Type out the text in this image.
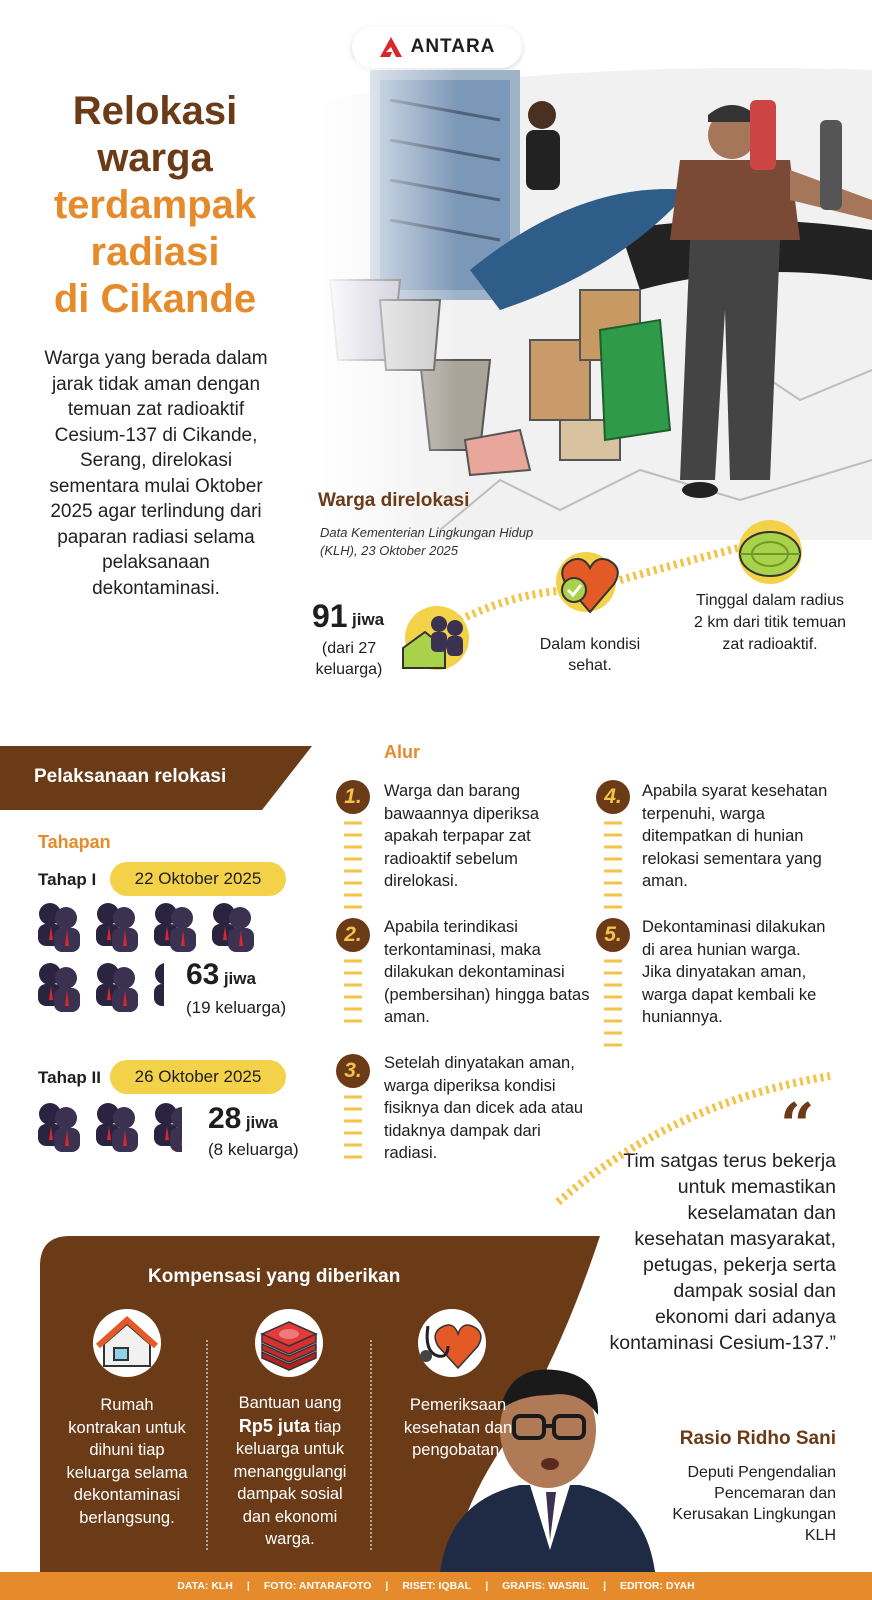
ANTARA
Relokasi
warga
terdampak
radiasi
di Cikande
Warga yang berada dalam jarak tidak aman dengan temuan zat radioaktif Cesium-137 di Cikande, Serang, direlokasi sementara mulai Oktober 2025 agar terlindung dari paparan radiasi selama pelaksanaan dekontaminasi.
Warga direlokasi
Data Kementerian Lingkungan Hidup (KLH), 23 Oktober 2025
91 jiwa
(dari 27 keluarga)
Dalam kondisi sehat.
Tinggal dalam radius 2 km dari titik temuan zat radioaktif.
Pelaksanaan relokasi
Tahapan
Tahap I	22 Oktober 2025
63 jiwa
(19 keluarga)
Tahap II	26 Oktober 2025
28 jiwa
(8 keluarga)
Alur
1.	Warga dan barang bawaannya diperiksa apakah terpapar zat radioaktif sebelum direlokasi.
2.	Apabila terindikasi terkontaminasi, maka dilakukan dekontaminasi (pembersihan) hingga batas aman.
3.	Setelah dinyatakan aman, warga diperiksa kondisi fisiknya dan dicek ada atau tidaknya dampak dari radiasi.
4.	Apabila syarat kesehatan terpenuhi, warga ditempatkan di hunian relokasi sementara yang aman.
5.	Dekontaminasi dilakukan di area hunian warga. Jika dinyatakan aman, warga dapat kembali ke huniannya.
“
Tim satgas terus bekerja untuk memastikan keselamatan dan kesehatan masyarakat, petugas, pekerja serta dampak sosial dan ekonomi dari adanya kontaminasi Cesium-137.”
Kompensasi yang diberikan
Rasio Ridho Sani
Deputi Pengendalian Pencemaran dan Kerusakan Lingkungan KLH
Rumah kontrakan untuk dihuni tiap keluarga selama dekontaminasi berlangsung.
Bantuan uang
Rp5 juta tiap keluarga untuk menanggulangi dampak sosial dan ekonomi warga.
Pemeriksaan kesehatan dan pengobatan.
DATA: KLH | FOTO: ANTARAFOTO | RISET: IQBAL | GRAFIS: WASRIL | EDITOR: DYAH
